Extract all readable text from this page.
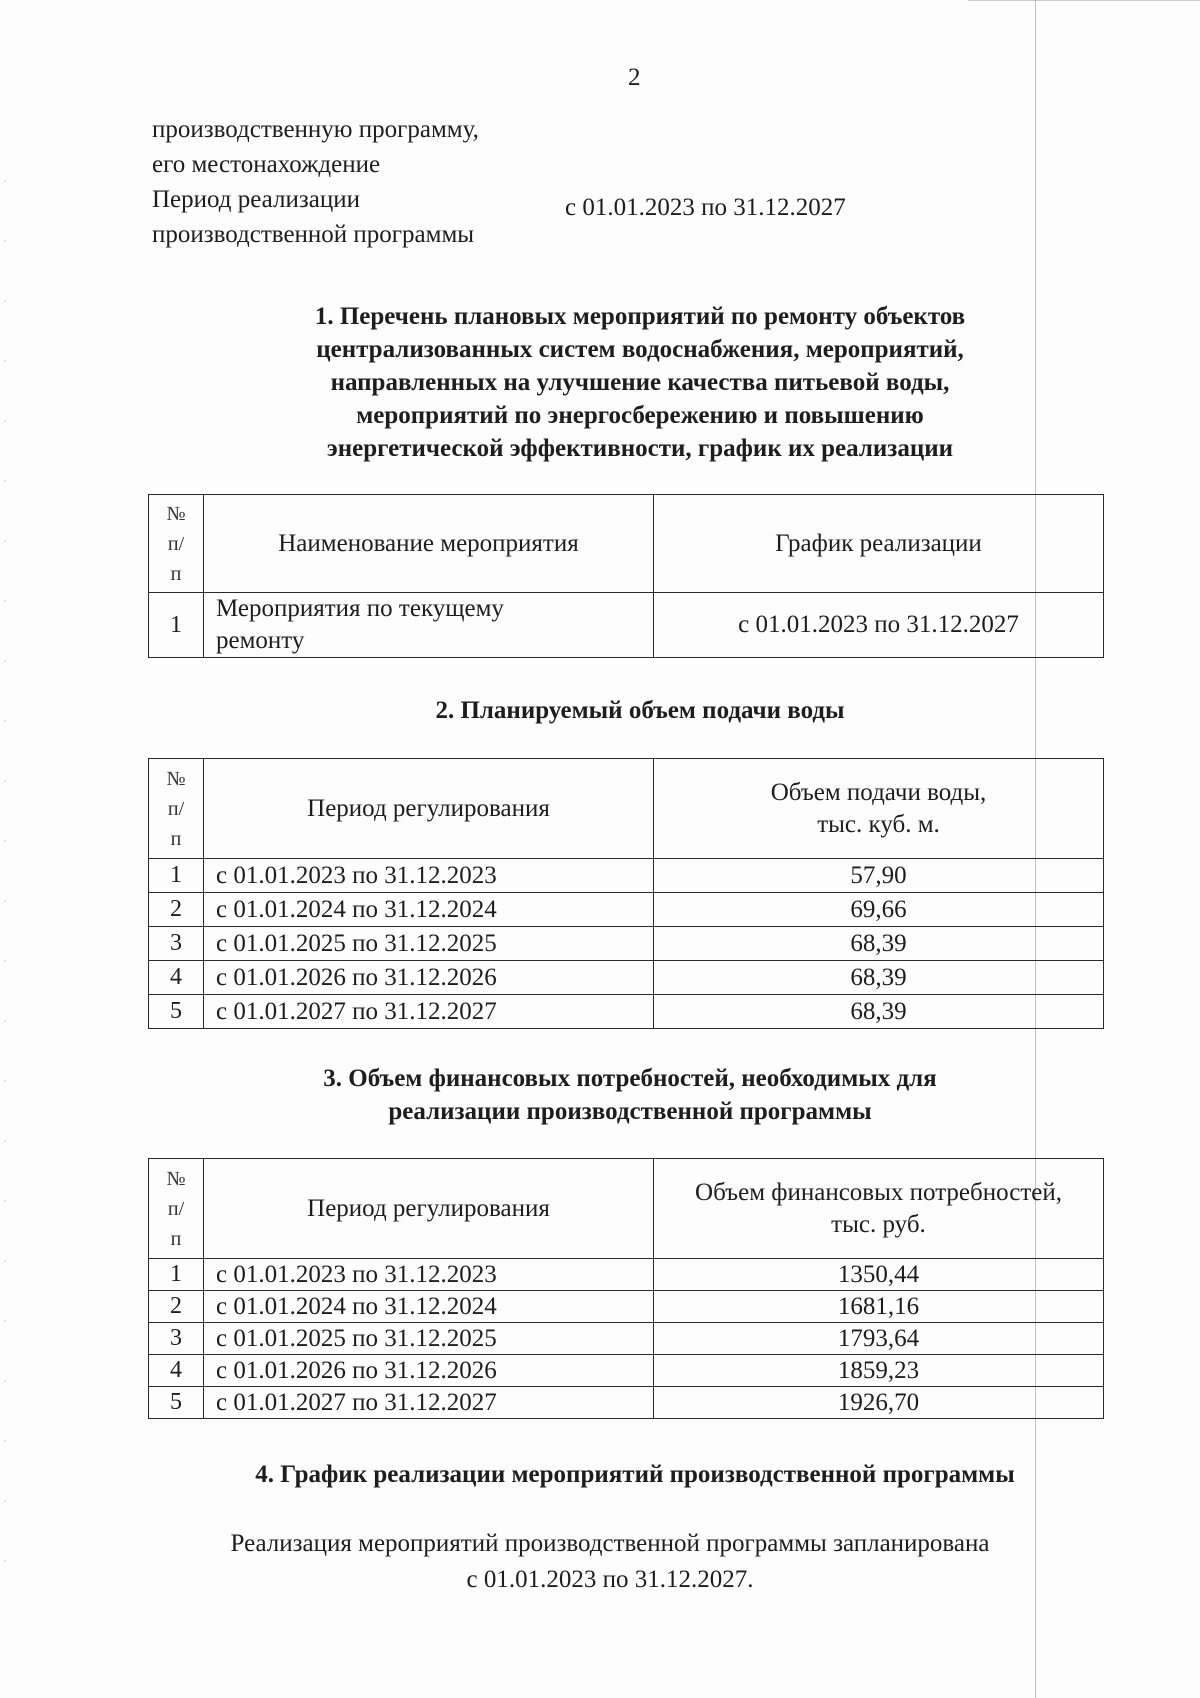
2
производственную программу,
его местонахождение
Период реализации
производственной программы
с 01.01.2023 по 31.12.2027
1. Перечень плановых мероприятий по ремонту объектов
централизованных систем водоснабжения, мероприятий,
направленных на улучшение качества питьевой воды,
мероприятий по энергосбережению и повышению
энергетической эффективности, график их реализации
№
п/
п	Наименование мероприятия	График реализации
1	Мероприятия по текущему
ремонту	с 01.01.2023 по 31.12.2027
2. Планируемый объем подачи воды
№
п/
п	Период регулирования	Объем подачи воды,
тыс. куб. м.

1	с 01.01.2023 по 31.12.2023	57,90
2	с 01.01.2024 по 31.12.2024	69,66
3	с 01.01.2025 по 31.12.2025	68,39
4	с 01.01.2026 по 31.12.2026	68,39
5	с 01.01.2027 по 31.12.2027	68,39
3. Объем финансовых потребностей, необходимых для
реализации производственной программы
№
п/
п	Период регулирования	Объем финансовых потребностей,
тыс. руб.

1	с 01.01.2023 по 31.12.2023	1350,44
2	с 01.01.2024 по 31.12.2024	1681,16
3	с 01.01.2025 по 31.12.2025	1793,64
4	с 01.01.2026 по 31.12.2026	1859,23
5	с 01.01.2027 по 31.12.2027	1926,70
4. График реализации мероприятий производственной программы
Реализация мероприятий производственной программы запланирована
с 01.01.2023 по 31.12.2027.
